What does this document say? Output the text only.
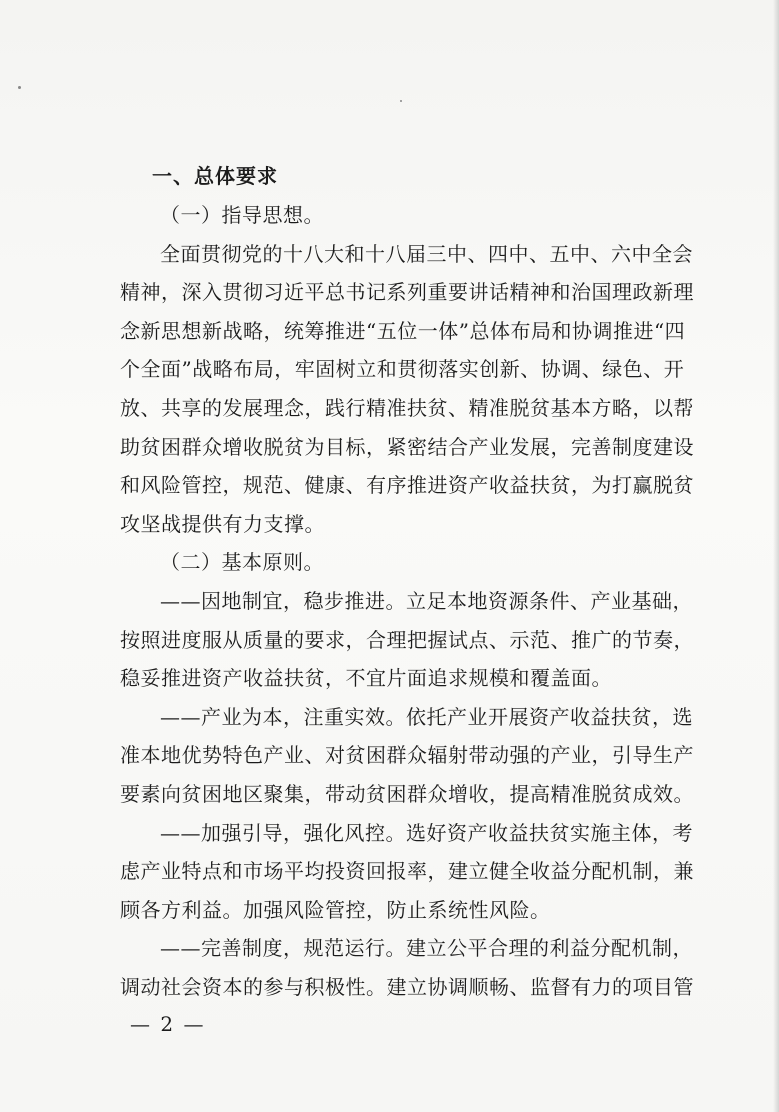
一、总体要求
（一）指导思想。
全面贯彻党的十八大和十八届三中、四中、五中、六中全会
精神，深入贯彻习近平总书记系列重要讲话精神和治国理政新理
念新思想新战略，统筹推进“五位一体”总体布局和协调推进“四
个全面”战略布局，牢固树立和贯彻落实创新、协调、绿色、开
放、共享的发展理念，践行精准扶贫、精准脱贫基本方略，以帮
助贫困群众增收脱贫为目标，紧密结合产业发展，完善制度建设
和风险管控，规范、健康、有序推进资产收益扶贫，为打赢脱贫
攻坚战提供有力支撑。
（二）基本原则。
——因地制宜，稳步推进。立足本地资源条件、产业基础，
按照进度服从质量的要求，合理把握试点、示范、推广的节奏，
稳妥推进资产收益扶贫，不宜片面追求规模和覆盖面。
——产业为本，注重实效。依托产业开展资产收益扶贫，选
准本地优势特色产业、对贫困群众辐射带动强的产业，引导生产
要素向贫困地区聚集，带动贫困群众增收，提高精准脱贫成效。
——加强引导，强化风控。选好资产收益扶贫实施主体，考
虑产业特点和市场平均投资回报率，建立健全收益分配机制，兼
顾各方利益。加强风险管控，防止系统性风险。
——完善制度，规范运行。建立公平合理的利益分配机制，
调动社会资本的参与积极性。建立协调顺畅、监督有力的项目管
— 2 —
